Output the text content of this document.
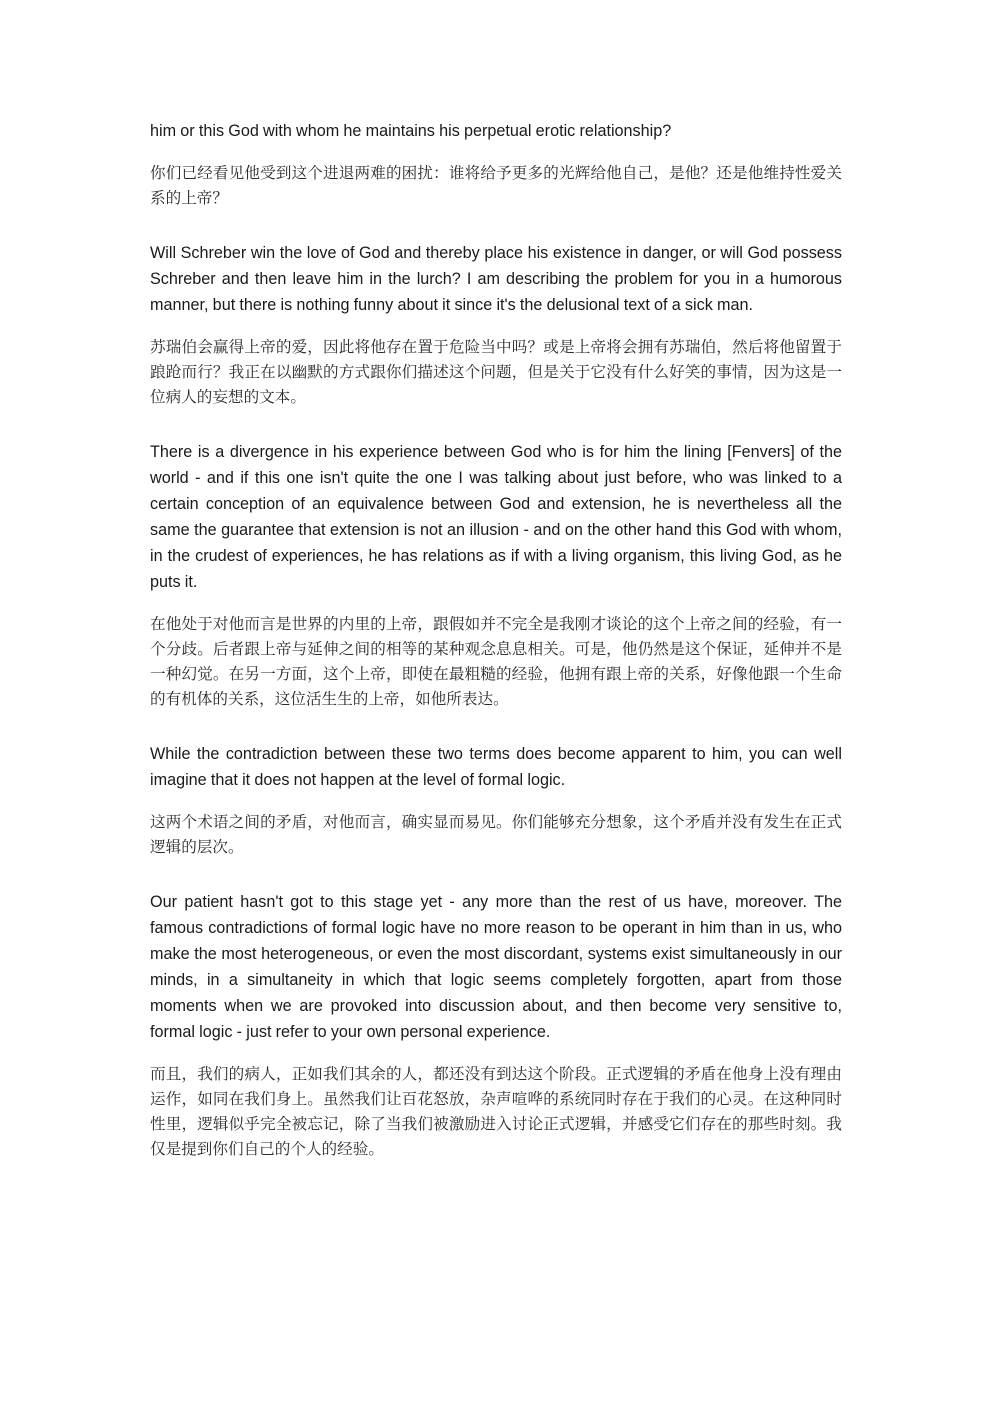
him or this God with whom he maintains his perpetual erotic relationship?

你们已经看见他受到这个进退两难的困扰：谁将给予更多的光辉给他自己，是他？还是他维持性爱关系的上帝？

Will Schreber win the love of God and thereby place his existence in danger, or will God possess Schreber and then leave him in the lurch? I am describing the problem for you in a humorous manner, but there is nothing funny about it since it's the delusional text of a sick man.

苏瑞伯会赢得上帝的爱，因此将他存在置于危险当中吗？或是上帝将会拥有苏瑞伯，然后将他留置于踉跄而行？我正在以幽默的方式跟你们描述这个问题，但是关于它没有什么好笑的事情，因为这是一位病人的妄想的文本。

There is a divergence in his experience between God who is for him the lining [Fenvers] of the world - and if this one isn't quite the one I was talking about just before, who was linked to a certain conception of an equivalence between God and extension, he is nevertheless all the same the guarantee that extension is not an illusion - and on the other hand this God with whom, in the crudest of experiences, he has relations as if with a living organism, this living God, as he puts it.

在他处于对他而言是世界的内里的上帝，跟假如并不完全是我刚才谈论的这个上帝之间的经验，有一个分歧。后者跟上帝与延伸之间的相等的某种观念息息相关。可是，他仍然是这个保证，延伸并不是一种幻觉。在另一方面，这个上帝，即使在最粗糙的经验，他拥有跟上帝的关系，好像他跟一个生命的有机体的关系，这位活生生的上帝，如他所表达。

While the contradiction between these two terms does become apparent to him, you can well imagine that it does not happen at the level of formal logic.

这两个术语之间的矛盾，对他而言，确实显而易见。你们能够充分想象，这个矛盾并没有发生在正式逻辑的层次。

Our patient hasn't got to this stage yet - any more than the rest of us have, moreover. The famous contradictions of formal logic have no more reason to be operant in him than in us, who make the most heterogeneous, or even the most discordant, systems exist simultaneously in our minds, in a simultaneity in which that logic seems completely forgotten, apart from those moments when we are provoked into discussion about, and then become very sensitive to, formal logic - just refer to your own personal experience.

而且，我们的病人，正如我们其余的人，都还没有到达这个阶段。正式逻辑的矛盾在他身上没有理由运作，如同在我们身上。虽然我们让百花怒放，杂声喧哗的系统同时存在于我们的心灵。在这种同时性里，逻辑似乎完全被忘记，除了当我们被激励进入讨论正式逻辑，并感受它们存在的那些时刻。我仅是提到你们自己的个人的经验。
